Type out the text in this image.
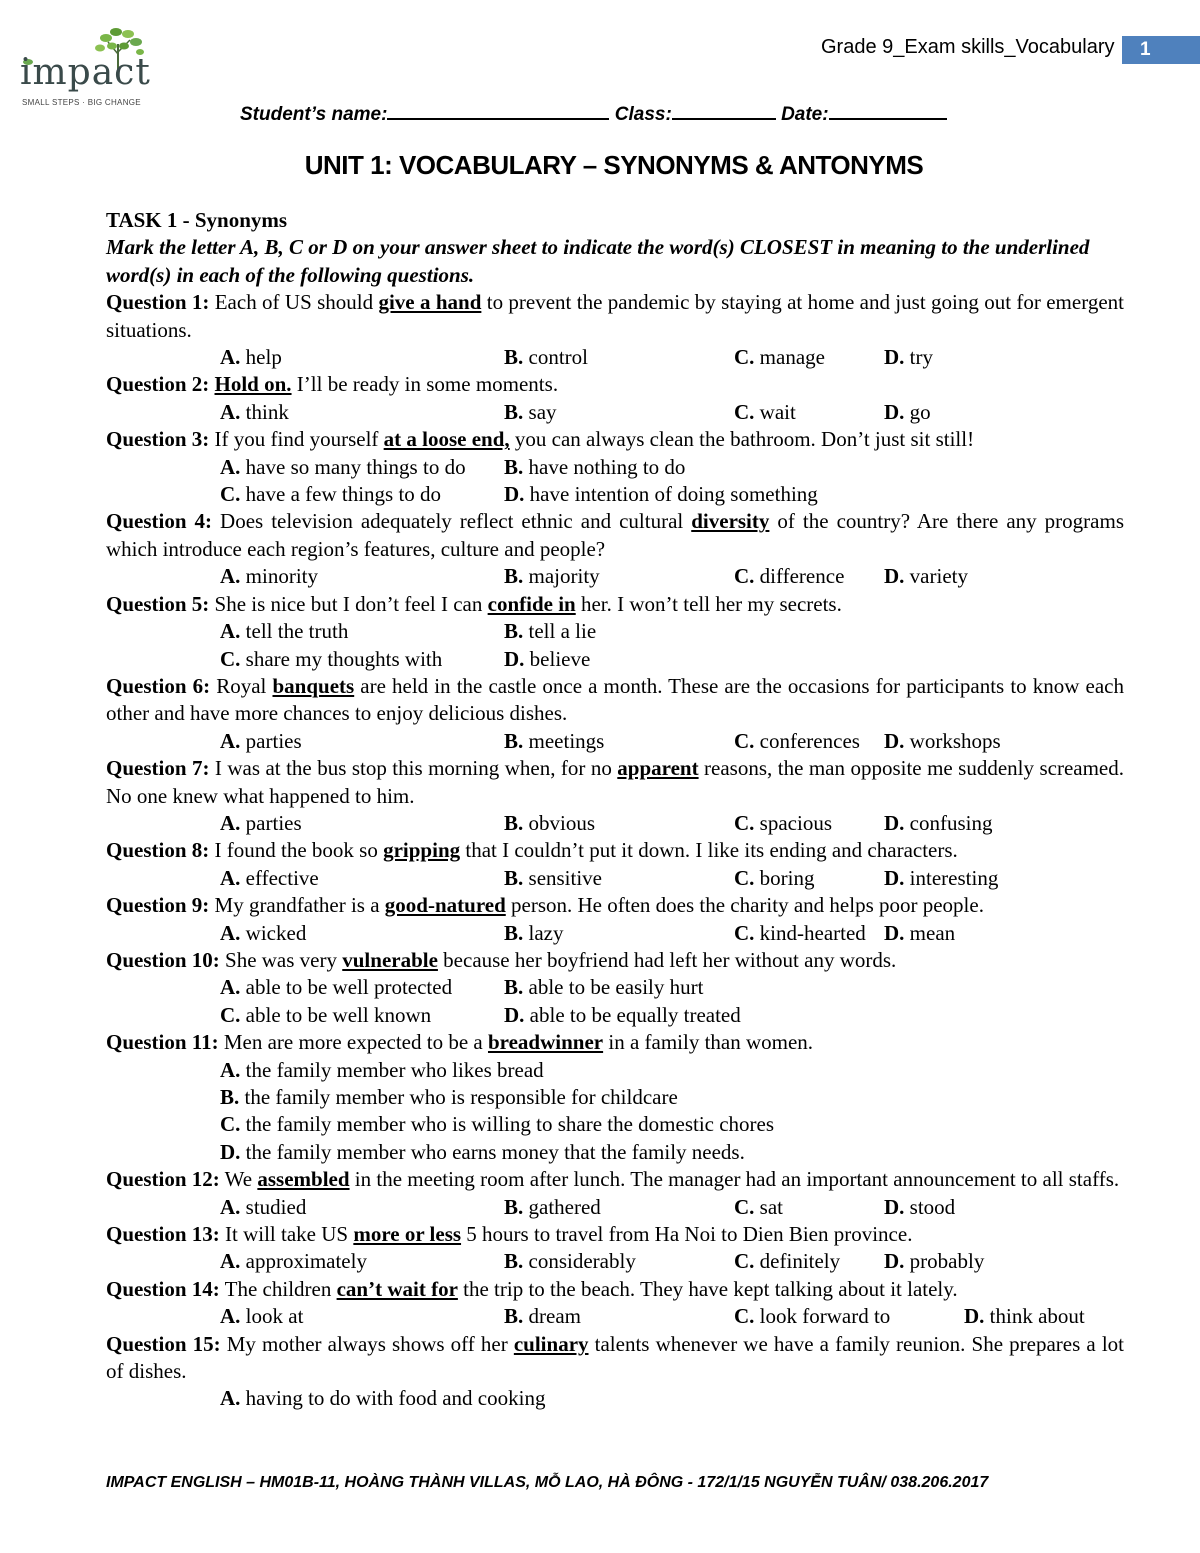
impact
SMALL STEPS · BIG CHANGE
Grade 9_Exam skills_Vocabulary	1
Student’s name:	Class:	Date:
UNIT 1: VOCABULARY – SYNONYMS & ANTONYMS

TASK 1 - Synonyms

Mark the letter A, B, C or D on your answer sheet to indicate the word(s) CLOSEST in meaning to the underlined word(s) in each of the following questions.

Question 1: Each of US should give a hand to prevent the pandemic by staying at home and just going out for emergent situations.

A. help	B. control	C. manage	D. try

Question 2: Hold on. I’ll be ready in some moments.

A. think	B. say	C. wait	D. go

Question 3: If you find yourself at a loose end, you can always clean the bathroom. Don’t just sit still!

A. have so many things to do	B. have nothing to do
C. have a few things to do	D. have intention of doing something

Question 4: Does television adequately reflect ethnic and cultural diversity of the country? Are there any programs which introduce each region’s features, culture and people?

A. minority	B. majority	C. difference	D. variety

Question 5: She is nice but I don’t feel I can confide in her. I won’t tell her my secrets.

A. tell the truth	B. tell a lie
C. share my thoughts with	D. believe

Question 6: Royal banquets are held in the castle once a month. These are the occasions for participants to know each other and have more chances to enjoy delicious dishes.

A. parties	B. meetings	C. conferences	D. workshops

Question 7: I was at the bus stop this morning when, for no apparent reasons, the man opposite me suddenly screamed. No one knew what happened to him.

A. parties	B. obvious	C. spacious	D. confusing

Question 8: I found the book so gripping that I couldn’t put it down. I like its ending and characters.

A. effective	B. sensitive	C. boring	D. interesting

Question 9: My grandfather is a good-natured person. He often does the charity and helps poor people.

A. wicked	B. lazy	C. kind-hearted D. mean

Question 10: She was very vulnerable because her boyfriend had left her without any words.

A. able to be well protected	B. able to be easily hurt
C. able to be well known	D. able to be equally treated

Question 11: Men are more expected to be a breadwinner in a family than women.

A. the family member who likes bread
B. the family member who is responsible for childcare
C. the family member who is willing to share the domestic chores
D. the family member who earns money that the family needs.

Question 12: We assembled in the meeting room after lunch. The manager had an important announcement to all staffs.

A. studied	B. gathered	C. sat	D. stood

Question 13: It will take US more or less 5 hours to travel from Ha Noi to Dien Bien province.

A. approximately	B. considerably	C. definitely	D. probably

Question 14: The children can’t wait for the trip to the beach. They have kept talking about it lately.

A. look at	B. dream	C. look forward to	D. think about

Question 15: My mother always shows off her culinary talents whenever we have a family reunion. She prepares a lot of dishes.

A. having to do with food and cooking
IMPACT ENGLISH – HM01B-11, HOÀNG THÀNH VILLAS, MỖ LAO, HÀ ĐÔNG - 172/1/15 NGUYỄN TUÂN/ 038.206.2017
